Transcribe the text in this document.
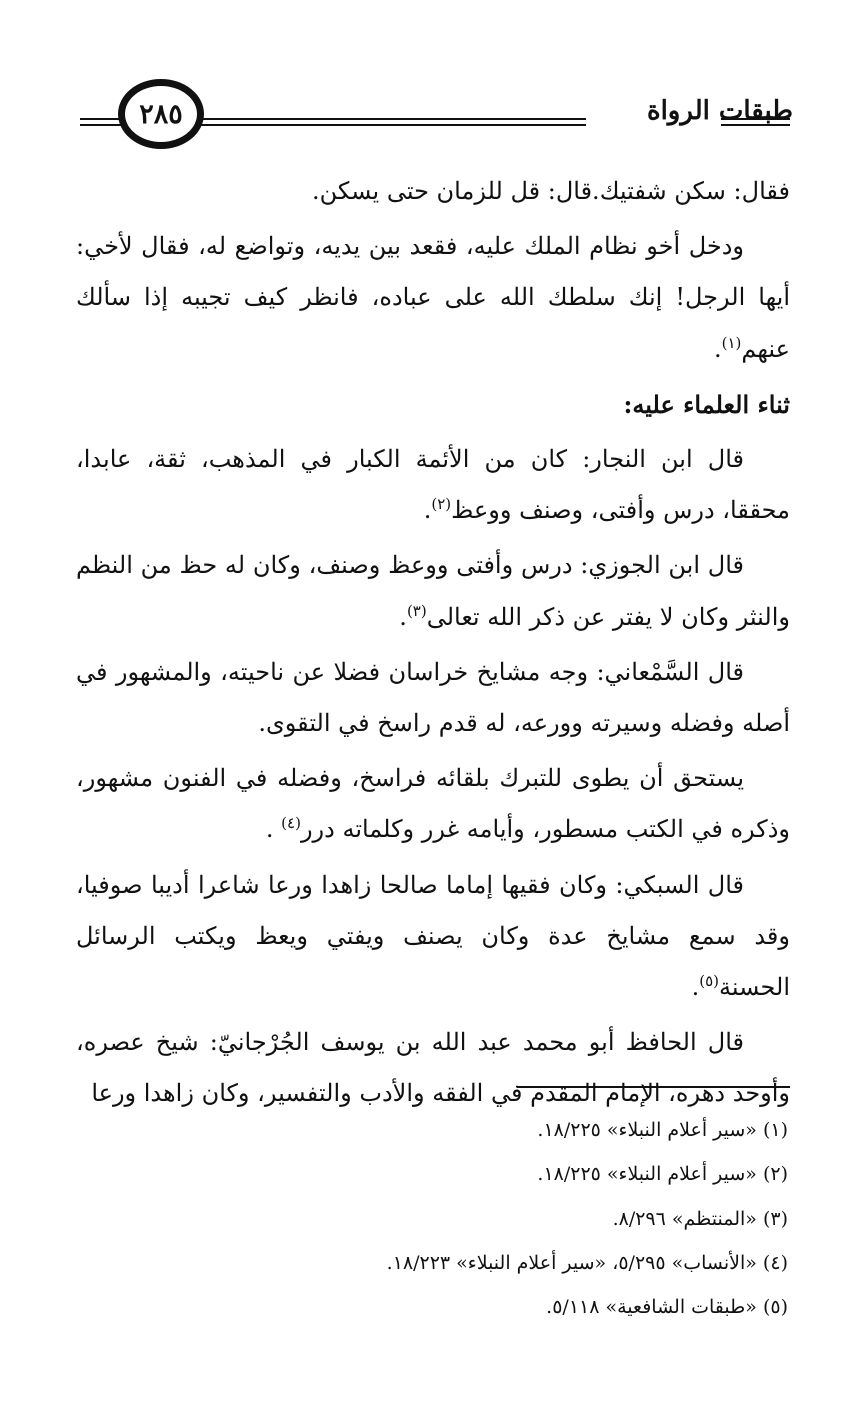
طبقات الرواة
٢٨٥

فقال: سكن شفتيك.قال: قل للزمان حتى يسكن.

ودخل أخو نظام الملك عليه، فقعد بين يديه، وتواضع له، فقال لأخي: أيها الرجل! إنك سلطك الله على عباده، فانظر كيف تجيبه إذا سألك عنهم$^{(١)}$.

ثناء العلماء عليه:

قال ابن النجار: كان من الأئمة الكبار في المذهب، ثقة، عابدا، محققا، درس وأفتى، وصنف ووعظ$^{(٢)}$.

قال ابن الجوزي: درس وأفتى ووعظ وصنف، وكان له حظ من النظم والنثر وكان لا يفتر عن ذكر الله تعالى$^{(٣)}$.

قال السَّمْعاني: وجه مشايخ خراسان فضلا عن ناحيته، والمشهور في أصله وفضله وسيرته وورعه، له قدم راسخ في التقوى.

يستحق أن يطوى للتبرك بلقائه فراسخ، وفضله في الفنون مشهور، وذكره في الكتب مسطور، وأيامه غرر وكلماته درر$^{(٤)}$ .

قال السبكي: وكان فقيها إماما صالحا زاهدا ورعا شاعرا أديبا صوفيا، وقد سمع مشايخ عدة وكان يصنف ويفتي ويعظ ويكتب الرسائل الحسنة$^{(٥)}$.

قال الحافظ أبو محمد عبد الله بن يوسف الجُرْجانيّ: شيخ عصره، وأوحد دهره، الإمام المقدم في الفقه والأدب والتفسير، وكان زاهدا ورعا

(١) «سير أعلام النبلاء» ١٨/٢٢٥.
(٢) «سير أعلام النبلاء» ١٨/٢٢٥.
(٣) «المنتظم» ٨/٢٩٦.
(٤) «الأنساب» ٥/٢٩٥، «سير أعلام النبلاء» ١٨/٢٢٣.
(٥) «طبقات الشافعية» ٥/١١٨.
